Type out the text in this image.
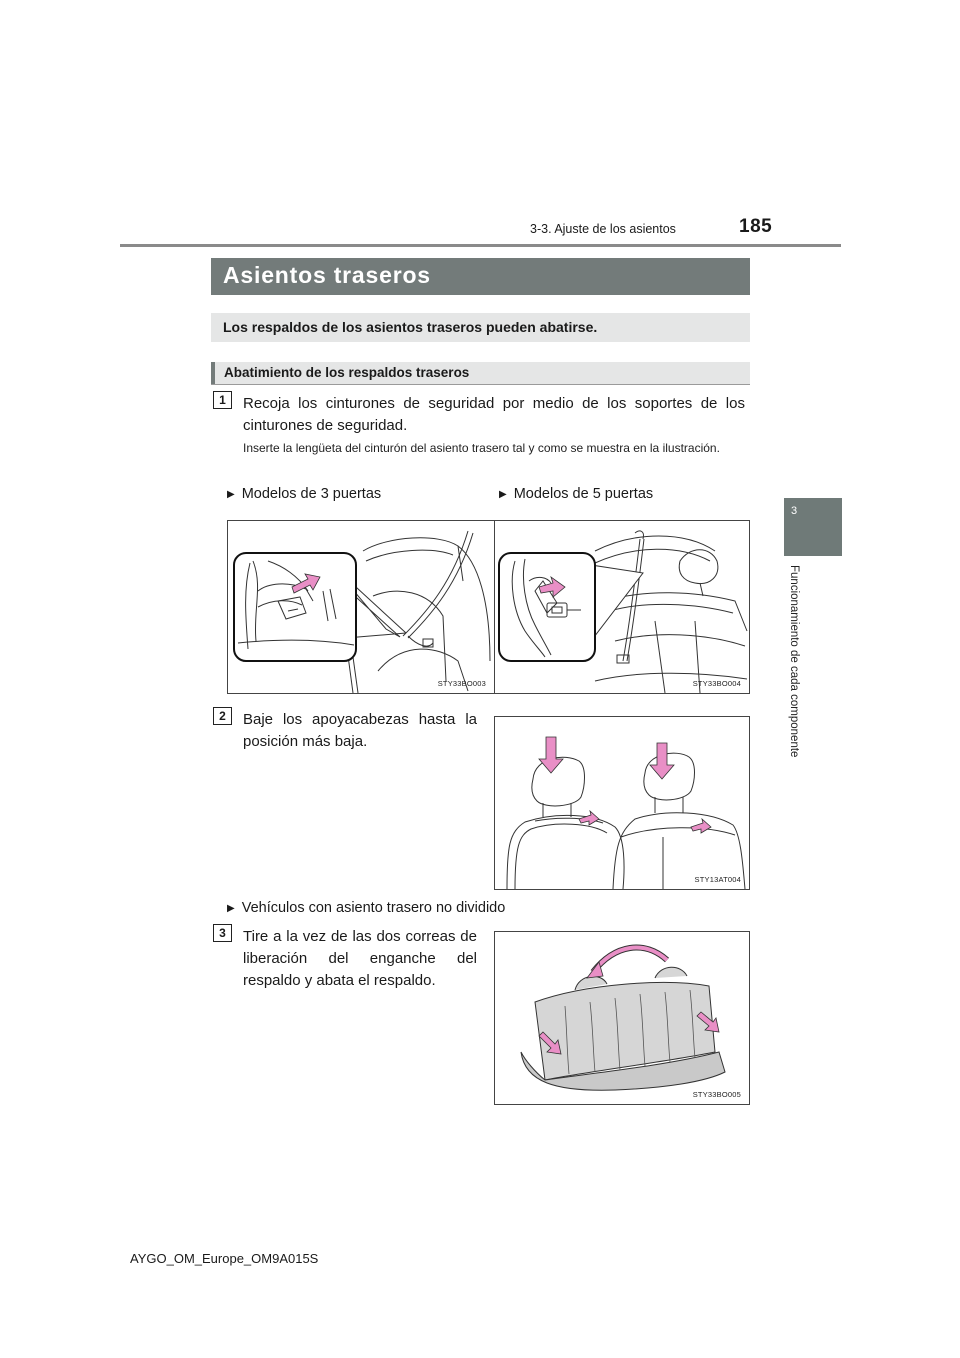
185
3-3. Ajuste de los asientos
3
Funcionamiento de cada componente
Asientos traseros
Los respaldos de los asientos traseros pueden abatirse.
Abatimiento de los respaldos traseros
1	Recoja los cinturones de seguridad por medio de los soportes de los cinturones de seguridad.
Inserte la lengüeta del cinturón del asiento trasero tal y como se muestra en la ilustración.
▶ Modelos de 3 puertas	▶ Modelos de 5 puertas
STY33BO003	STY33BO004
2	Baje los apoyacabezas hasta la posición más baja.
STY13AT004
▶ Vehículos con asiento trasero no dividido
3	Tire a la vez de las dos correas de liberación del enganche del respaldo y abata el respaldo.
STY33BO005
AYGO_OM_Europe_OM9A015S
